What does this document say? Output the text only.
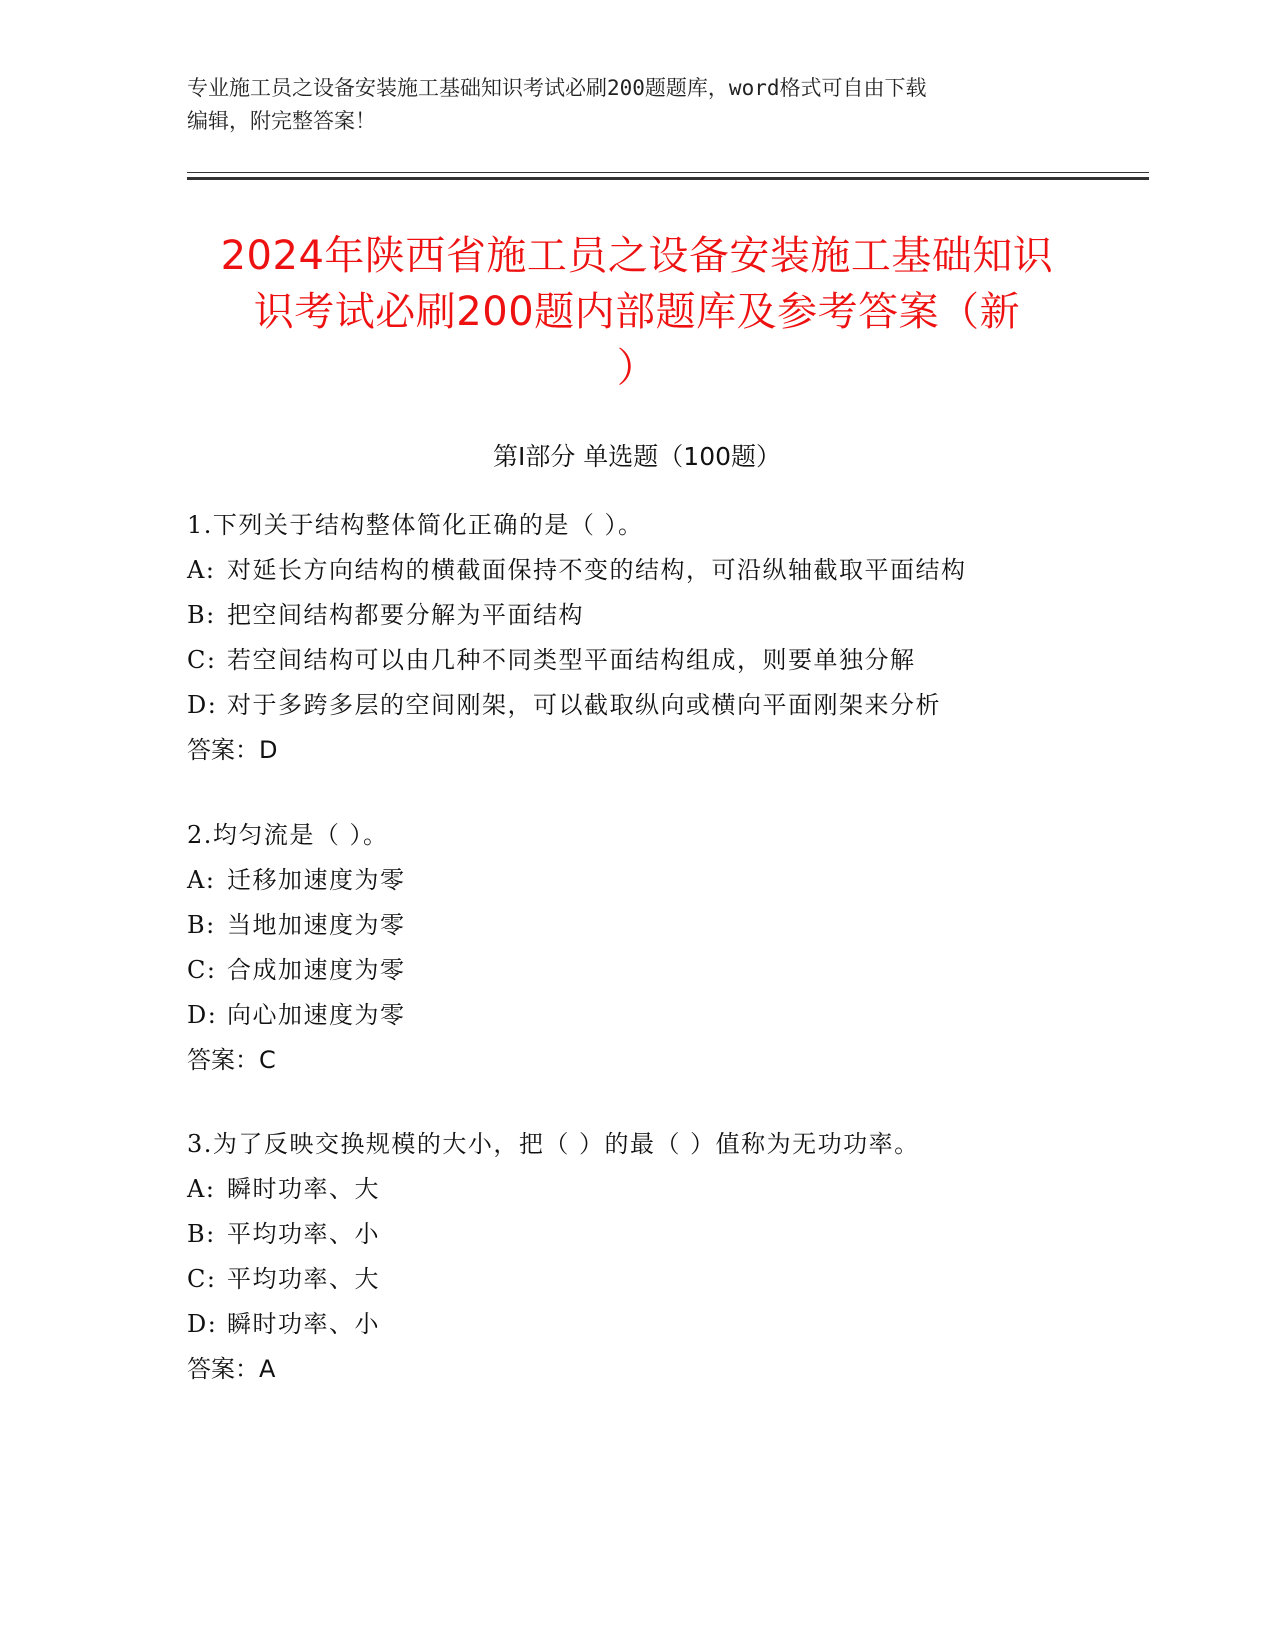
专业施工员之设备安装施工基础知识考试必刷200题题库，word格式可自由下载
编辑，附完整答案！
2024年陕西省施工员之设备安装施工基础知识
识考试必刷200题内部题库及参考答案（新
）
第I部分 单选题（100题）
1.下列关于结构整体简化正确的是（ ）。
A: 对延长方向结构的横截面保持不变的结构，可沿纵轴截取平面结构
B: 把空间结构都要分解为平面结构
C: 若空间结构可以由几种不同类型平面结构组成，则要单独分解
D: 对于多跨多层的空间刚架，可以截取纵向或横向平面刚架来分析
答案：D
2.均匀流是（ ）。
A: 迁移加速度为零
B: 当地加速度为零
C: 合成加速度为零
D: 向心加速度为零
答案：C
3.为了反映交换规模的大小，把（ ）的最（ ）值称为无功功率。
A: 瞬时功率、大
B: 平均功率、小
C: 平均功率、大
D: 瞬时功率、小
答案：A
